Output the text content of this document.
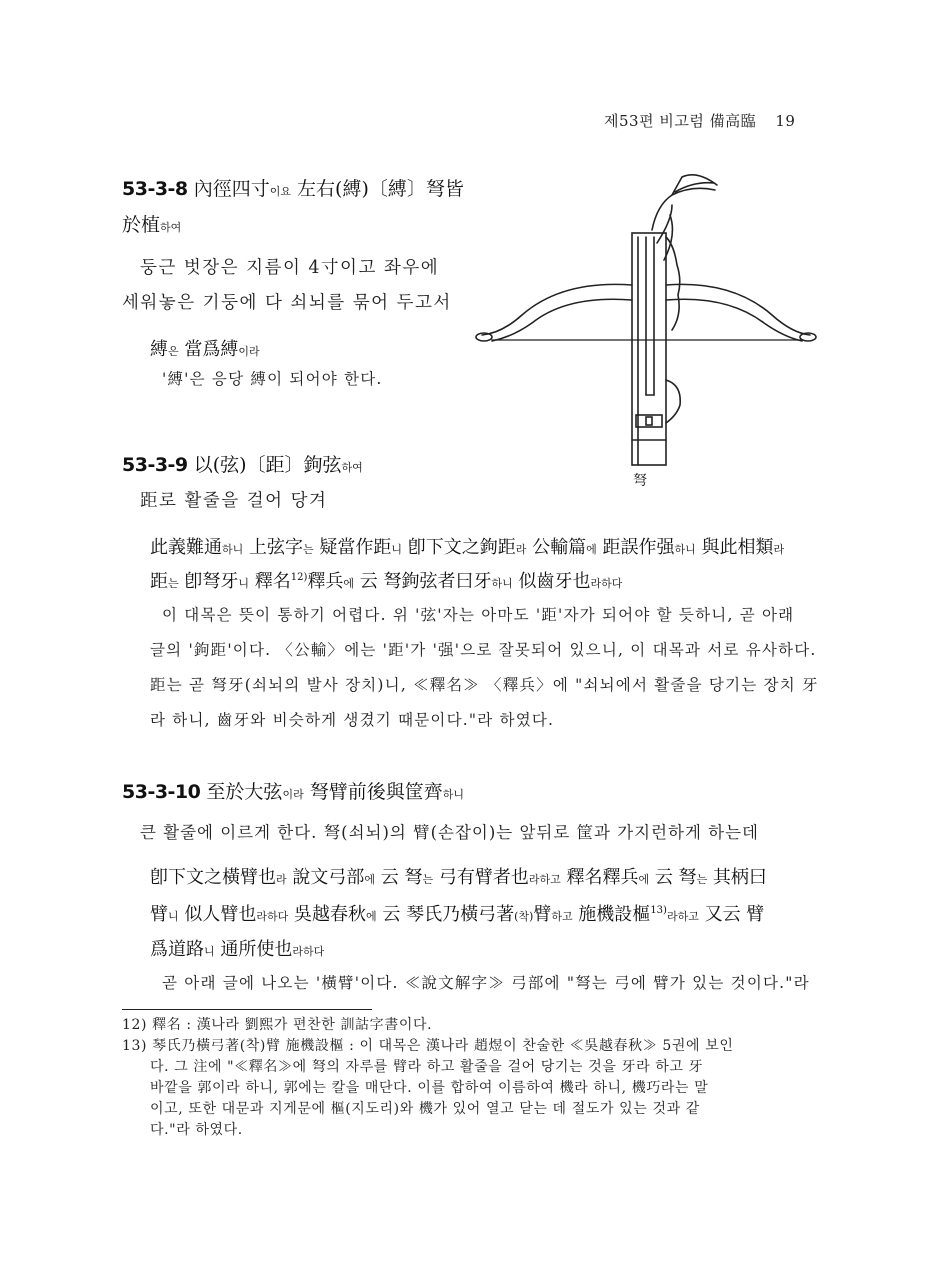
제53편 비고럼 備高臨 19
53-3-8 內徑四寸이요 左右(縛)〔縛〕弩皆
於植하여
둥근 벗장은 지름이 4寸이고 좌우에
세워놓은 기둥에 다 쇠뇌를 묶어 두고서
縛은 當爲縛이라
'縛'은 응당 縛이 되어야 한다.
53-3-9 以(弦)〔距〕鉤弦하여
距로 활줄을 걸어 당겨
此義難通하니 上弦字는 疑當作距니 卽下文之鉤距라 公輸篇에 距誤作强하니 與此相類라
距는 卽弩牙니 釋名$^{12)}$釋兵에 云 弩鉤弦者曰牙하니 似齒牙也라하다
이 대목은 뜻이 통하기 어렵다. 위 '弦'자는 아마도 '距'자가 되어야 할 듯하니, 곧 아래
글의 '鉤距'이다. 〈公輸〉에는 '距'가 '强'으로 잘못되어 있으니, 이 대목과 서로 유사하다.
距는 곧 弩牙(쇠뇌의 발사 장치)니, ≪釋名≫ 〈釋兵〉에 "쇠뇌에서 활줄을 당기는 장치 牙
라 하니, 齒牙와 비슷하게 생겼기 때문이다."라 하였다.
53-3-10 至於大弦이라 弩臂前後與筐齊하니
큰 활줄에 이르게 한다. 弩(쇠뇌)의 臂(손잡이)는 앞뒤로 筐과 가지런하게 하는데
卽下文之橫臂也라 說文弓部에 云 弩는 弓有臂者也라하고 釋名釋兵에 云 弩는 其柄曰
臂니 似人臂也라하다 吳越春秋에 云 琴氏乃橫弓著(착)臂하고 施機設樞$^{13)}$라하고 又云 臂
爲道路니 通所使也라하다
곧 아래 글에 나오는 '橫臂'이다. ≪說文解字≫ 弓部에 "弩는 弓에 臂가 있는 것이다."라
12) 釋名 : 漢나라 劉熙가 편찬한 訓詁字書이다.
13) 琴氏乃橫弓著(착)臂 施機設樞 : 이 대목은 漢나라 趙煜이 찬술한 ≪吳越春秋≫ 5권에 보인
다. 그 注에 "≪釋名≫에 弩의 자루를 臂라 하고 활줄을 걸어 당기는 것을 牙라 하고 牙
바깥을 郭이라 하니, 郭에는 칼을 매단다. 이를 합하여 이름하여 機라 하니, 機巧라는 말
이고, 또한 대문과 지게문에 樞(지도리)와 機가 있어 열고 닫는 데 절도가 있는 것과 같
다."라 하였다.
弩
